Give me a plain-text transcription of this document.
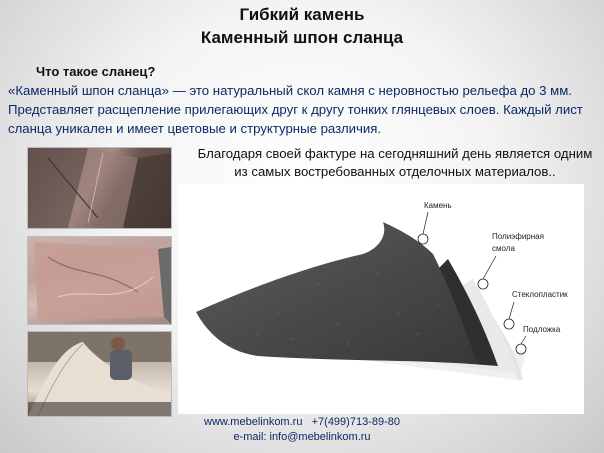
Гибкий камень
Каменный шпон сланца
Что такое сланец?
«Каменный шпон сланца» — это натуральный скол камня с неровностью рельефа до 3 мм. Представляет расщепление прилегающих друг к другу тонких глянцевых слоев. Каждый лист сланца уникален и имеет цветовые и структурные различия.
Благодаря своей фактуре на сегодняшний день является одним из самых востребованных отделочных материалов..
Камень
Полиэфирная
смола
Стеклопластик
Подложка
www.mebelinkom.ru +7(499)713-89-80
e-mail: info@mebelinkom.ru
